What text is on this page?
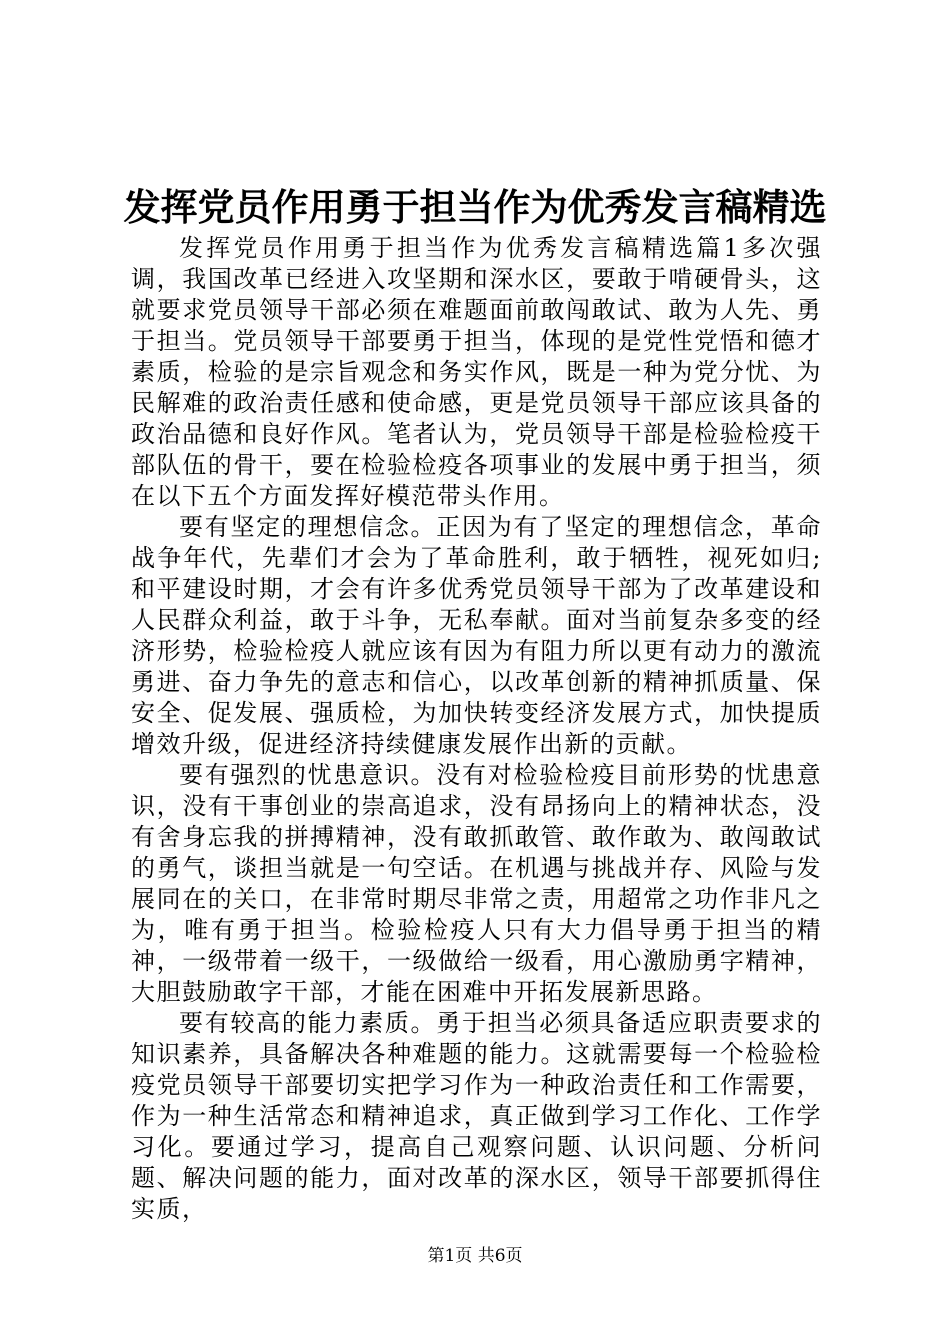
发挥党员作用勇于担当作为优秀发言稿精选

发挥党员作用勇于担当作为优秀发言稿精选篇1多次强调，我国改革已经进入攻坚期和深水区，要敢于啃硬骨头，这就要求党员领导干部必须在难题面前敢闯敢试、敢为人先、勇于担当。党员领导干部要勇于担当，体现的是党性党悟和德才素质，检验的是宗旨观念和务实作风，既是一种为党分忧、为民解难的政治责任感和使命感，更是党员领导干部应该具备的政治品德和良好作风。笔者认为，党员领导干部是检验检疫干部队伍的骨干，要在检验检疫各项事业的发展中勇于担当，须在以下五个方面发挥好模范带头作用。

要有坚定的理想信念。正因为有了坚定的理想信念，革命战争年代，先辈们才会为了革命胜利，敢于牺牲，视死如归;和平建设时期，才会有许多优秀党员领导干部为了改革建设和人民群众利益，敢于斗争，无私奉献。面对当前复杂多变的经济形势，检验检疫人就应该有因为有阻力所以更有动力的激流勇进、奋力争先的意志和信心，以改革创新的精神抓质量、保安全、促发展、强质检，为加快转变经济发展方式，加快提质增效升级，促进经济持续健康发展作出新的贡献。

要有强烈的忧患意识。没有对检验检疫目前形势的忧患意识，没有干事创业的崇高追求，没有昂扬向上的精神状态，没有舍身忘我的拼搏精神，没有敢抓敢管、敢作敢为、敢闯敢试的勇气，谈担当就是一句空话。在机遇与挑战并存、风险与发展同在的关口，在非常时期尽非常之责，用超常之功作非凡之为，唯有勇于担当。检验检疫人只有大力倡导勇于担当的精神，一级带着一级干，一级做给一级看，用心激励勇字精神，大胆鼓励敢字干部，才能在困难中开拓发展新思路。

要有较高的能力素质。勇于担当必须具备适应职责要求的知识素养，具备解决各种难题的能力。这就需要每一个检验检疫党员领导干部要切实把学习作为一种政治责任和工作需要，作为一种生活常态和精神追求，真正做到学习工作化、工作学习化。要通过学习，提高自己观察问题、认识问题、分析问题、解决问题的能力，面对改革的深水区，领导干部要抓得住实质，

第1页 共6页
